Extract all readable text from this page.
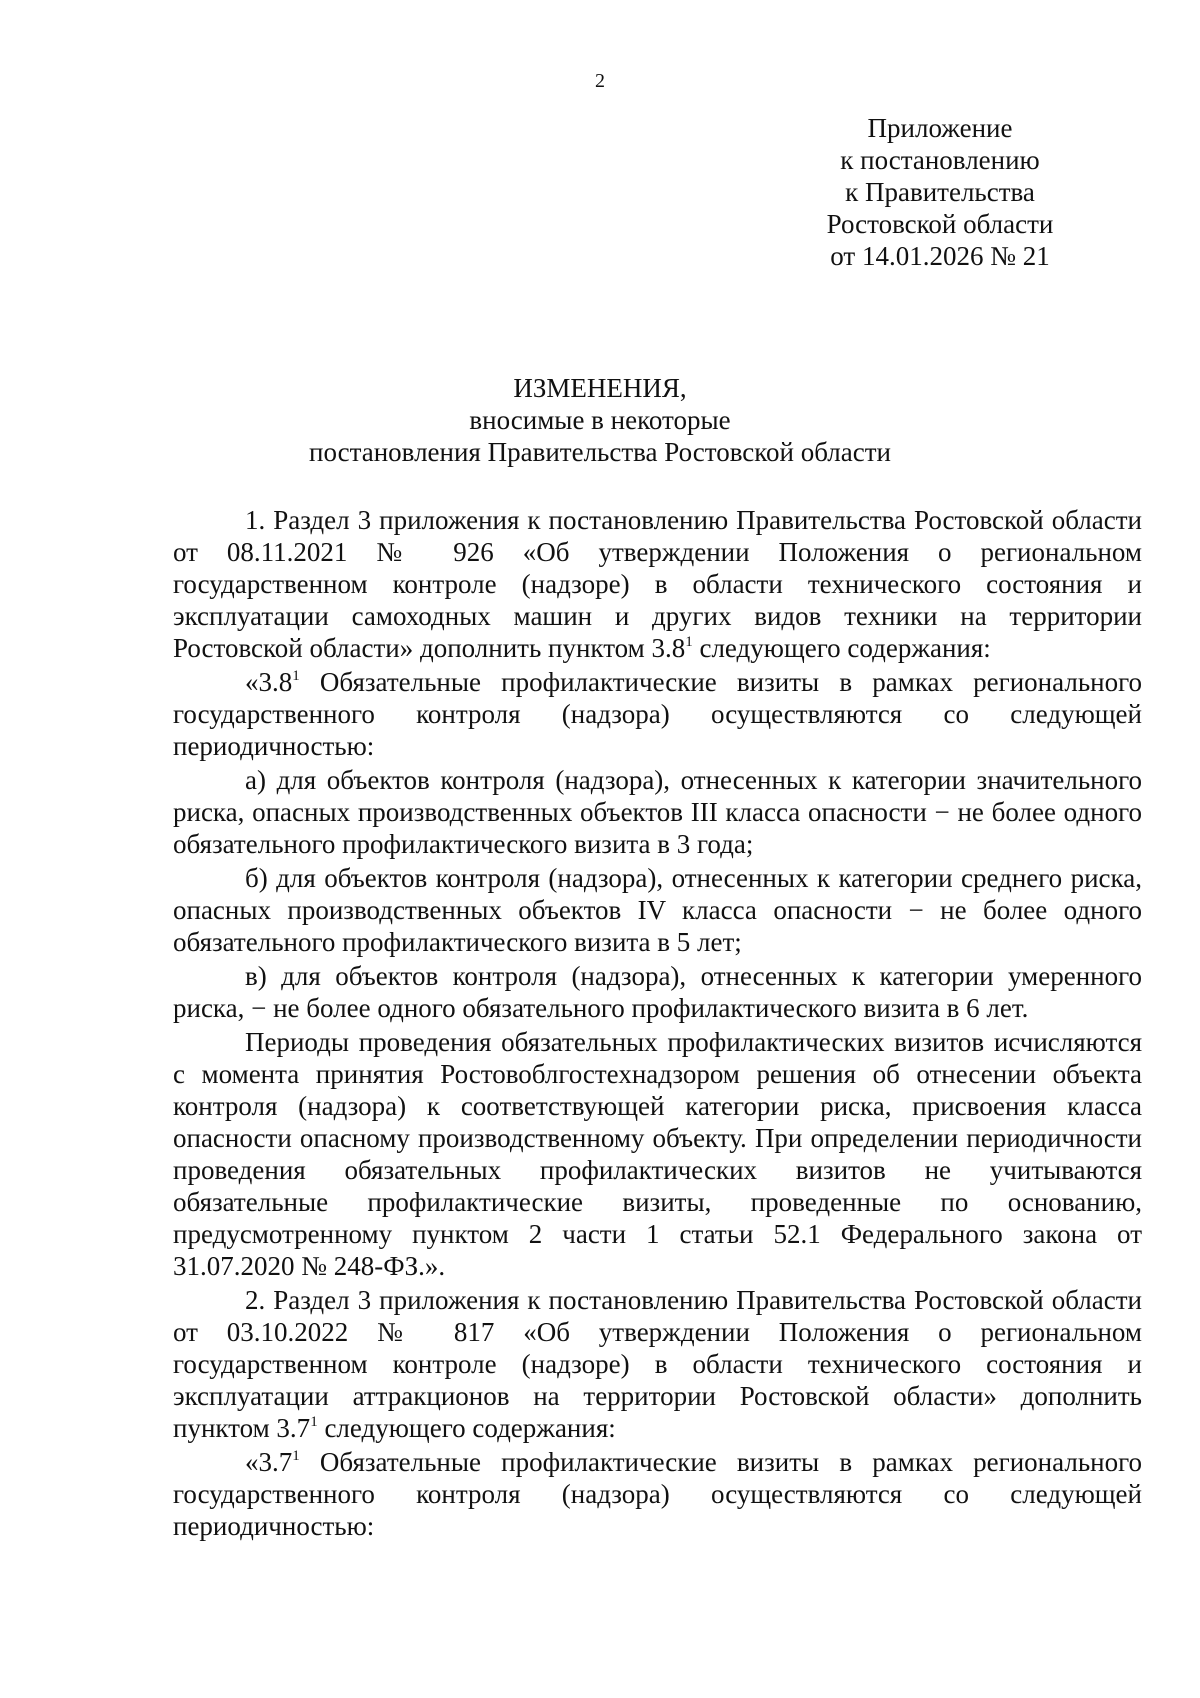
2
Приложение
к постановлению
к Правительства
Ростовской области
от 14.01.2026 № 21
ИЗМЕНЕНИЯ,
вносимые в некоторые
постановления Правительства Ростовской области

1. Раздел 3 приложения к постановлению Правительства Ростовской области от 08.11.2021 № 926 «Об утверждении Положения о региональном государственном контроле (надзоре) в области технического состояния и эксплуатации самоходных машин и других видов техники на территории Ростовской области» дополнить пунктом $3.8^1$ следующего содержания:

«$3.8^1$ Обязательные профилактические визиты в рамках регионального государственного контроля (надзора) осуществляются со следующей периодичностью:

а) для объектов контроля (надзора), отнесенных к категории значительного риска, опасных производственных объектов III класса опасности − не более одного обязательного профилактического визита в 3 года;

б) для объектов контроля (надзора), отнесенных к категории среднего риска, опасных производственных объектов IV класса опасности − не более одного обязательного профилактического визита в 5 лет;

в) для объектов контроля (надзора), отнесенных к категории умеренного риска, − не более одного обязательного профилактического визита в 6 лет.

Периоды проведения обязательных профилактических визитов исчисляются с момента принятия Ростовоблгостехнадзором решения об отнесении объекта контроля (надзора) к соответствующей категории риска, присвоения класса опасности опасному производственному объекту. При определении периодичности проведения обязательных профилактических визитов не учитываются обязательные профилактические визиты, проведенные по основанию, предусмотренному пунктом 2 части 1 статьи 52.1 Федерального закона от 31.07.2020 № 248-ФЗ.».

2. Раздел 3 приложения к постановлению Правительства Ростовской области от 03.10.2022 № 817 «Об утверждении Положения о региональном государственном контроле (надзоре) в области технического состояния и эксплуатации аттракционов на территории Ростовской области» дополнить пунктом $3.7^1$ следующего содержания:

«$3.7^1$ Обязательные профилактические визиты в рамках регионального государственного контроля (надзора) осуществляются со следующей периодичностью:
